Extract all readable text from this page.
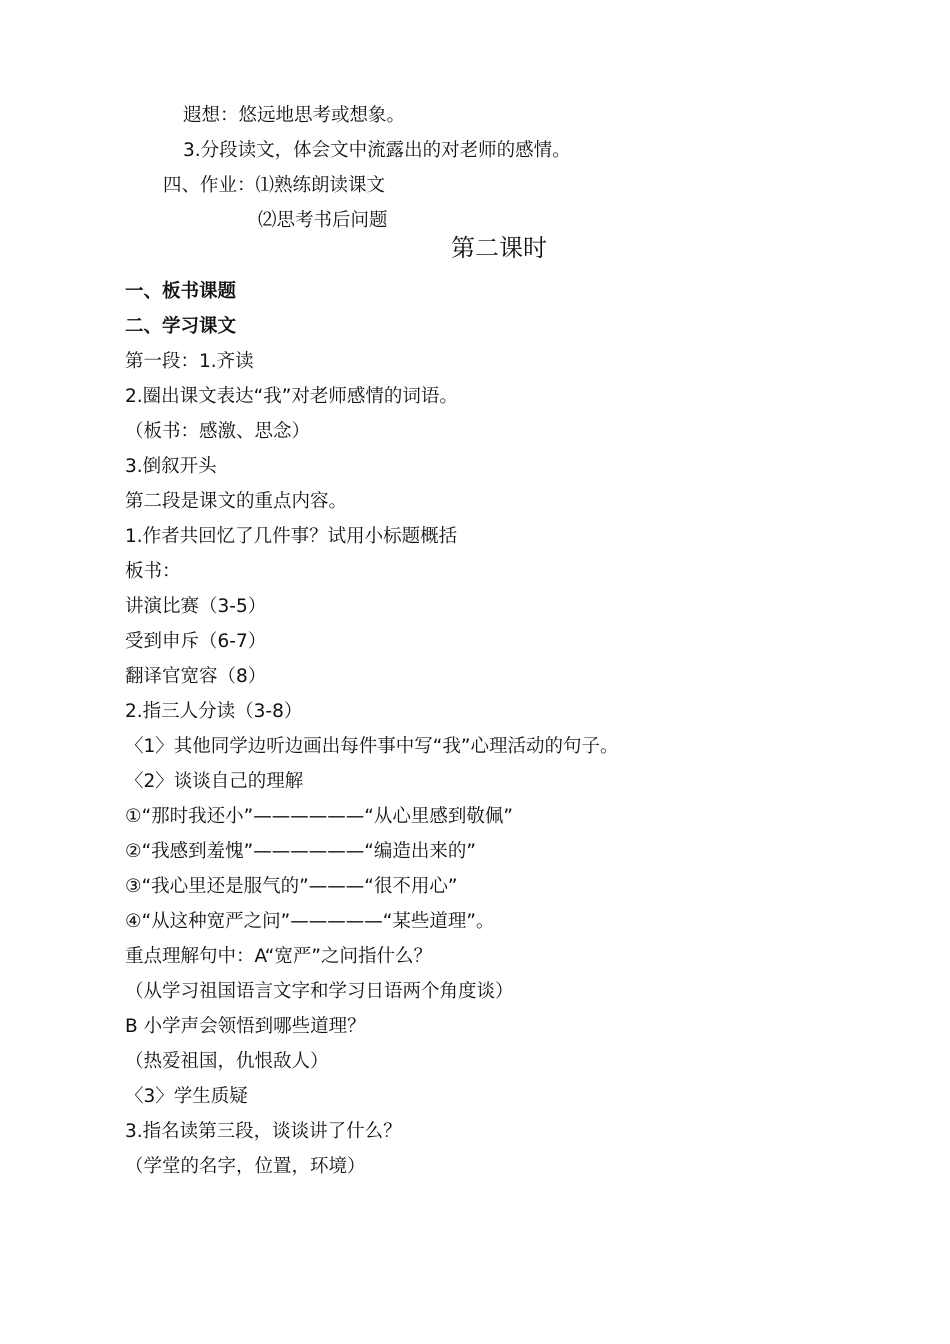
遐想：悠远地思考或想象。
3.分段读文，体会文中流露出的对老师的感情。
四、作业：⑴熟练朗读课文
⑵思考书后问题
第二课时
一、板书课题
二、学习课文
第一段：1.齐读
2.圈出课文表达“我”对老师感情的词语。
（板书：感激、思念）
3.倒叙开头
第二段是课文的重点内容。
1.作者共回忆了几件事？试用小标题概括
板书：
讲演比赛（3-5）
受到申斥（6-7）
翻译官宽容（8）
2.指三人分读（3-8）
〈1〉其他同学边听边画出每件事中写“我”心理活动的句子。
〈2〉谈谈自己的理解
①“那时我还小”——————“从心里感到敬佩”
②“我感到羞愧”——————“编造出来的”
③“我心里还是服气的”———“很不用心”
④“从这种宽严之问”—————“某些道理”。
重点理解句中：A“宽严”之问指什么？
（从学习祖国语言文字和学习日语两个角度谈）
B 小学声会领悟到哪些道理？
（热爱祖国，仇恨敌人）
〈3〉学生质疑
3.指名读第三段，谈谈讲了什么？
（学堂的名字，位置，环境）
